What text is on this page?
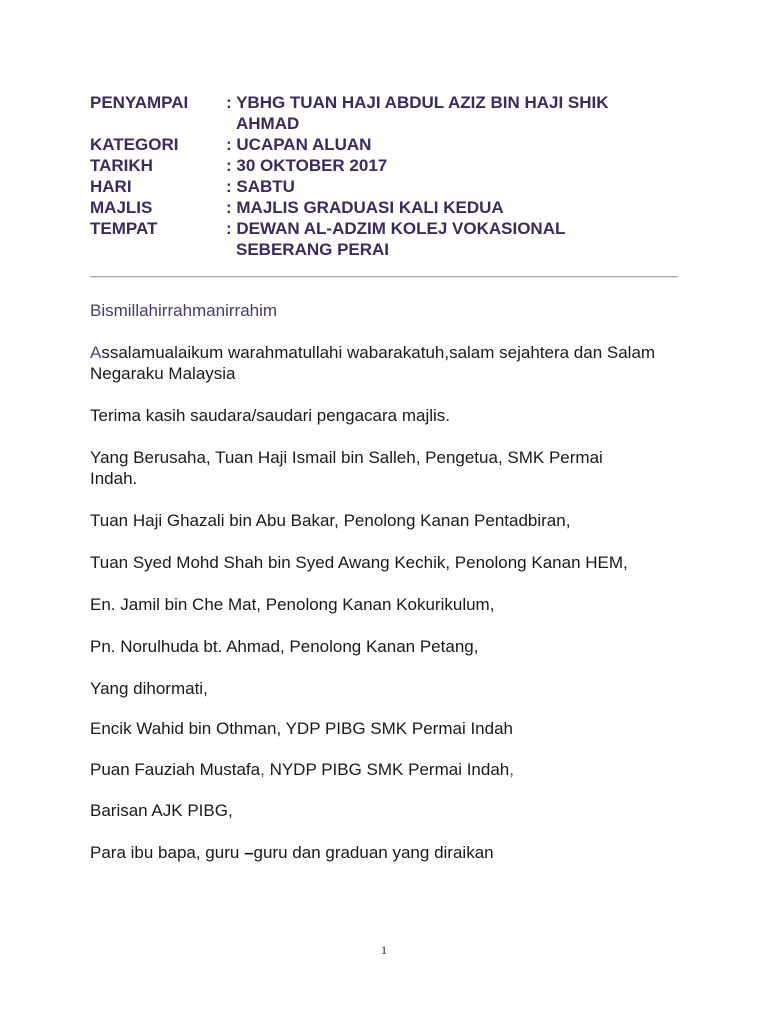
PENYAMPAI	: YBHG TUAN HAJI ABDUL AZIZ BIN HAJI SHIK
AHMAD
KATEGORI	: UCAPAN ALUAN
TARIKH	: 30 OKTOBER 2017
HARI	: SABTU
MAJLIS	: MAJLIS GRADUASI KALI KEDUA
TEMPAT	: DEWAN AL-ADZIM KOLEJ VOKASIONAL
SEBERANG PERAI

Bismillahirrahmanirrahim

Assalamualaikum warahmatullahi wabarakatuh,salam sejahtera dan Salam
Negaraku Malaysia

Terima kasih saudara/saudari pengacara majlis.

Yang Berusaha, Tuan Haji Ismail bin Salleh, Pengetua, SMK Permai
Indah.

Tuan Haji Ghazali bin Abu Bakar, Penolong Kanan Pentadbiran,

Tuan Syed Mohd Shah bin Syed Awang Kechik, Penolong Kanan HEM,

En. Jamil bin Che Mat, Penolong Kanan Kokurikulum,

Pn. Norulhuda bt. Ahmad, Penolong Kanan Petang,

Yang dihormati,

Encik Wahid bin Othman, YDP PIBG SMK Permai Indah

Puan Fauziah Mustafa, NYDP PIBG SMK Permai Indah,

Barisan AJK PIBG,

Para ibu bapa, guru –guru dan graduan yang diraikan

1
